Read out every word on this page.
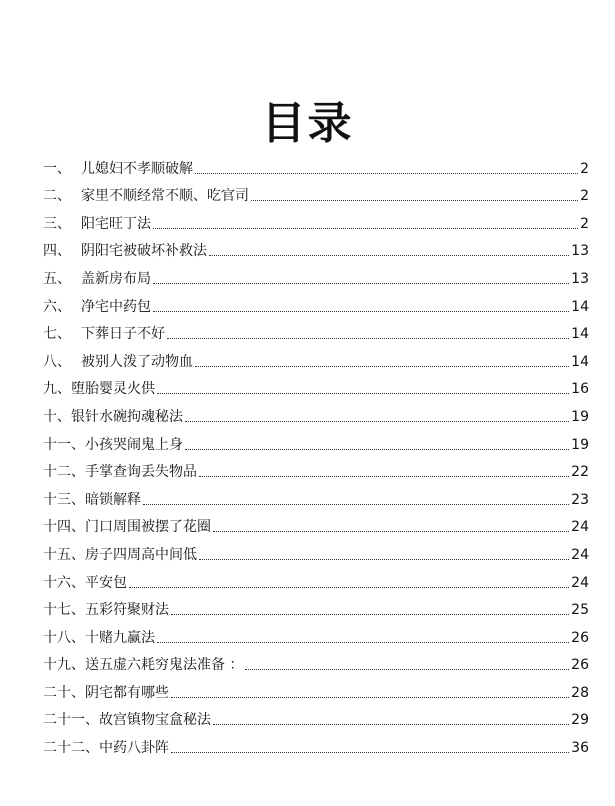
目录
一、 儿媳妇不孝顺破解	2
二、 家里不顺经常不顺、吃官司	2
三、 阳宅旺丁法	2
四、 阴阳宅被破坏补救法	13
五、 盖新房布局	13
六、 净宅中药包	14
七、 下葬日子不好	14
八、 被别人泼了动物血	14
九、 堕胎婴灵火供	16
十、 银针水碗拘魂秘法	19
十一、 小孩哭闹鬼上身	19
十二、 手掌查询丢失物品	22
十三、 暗锁解释	23
十四、 门口周围被摆了花圈	24
十五、 房子四周高中间低	24
十六、 平安包	24
十七、 五彩符聚财法	25
十八、 十赌九赢法	26
十九、 送五虚六耗穷鬼法准备 ：	26
二十、 阴宅都有哪些	28
二十一、 故宫镇物宝盒秘法	29
二十二、 中药八卦阵	36
